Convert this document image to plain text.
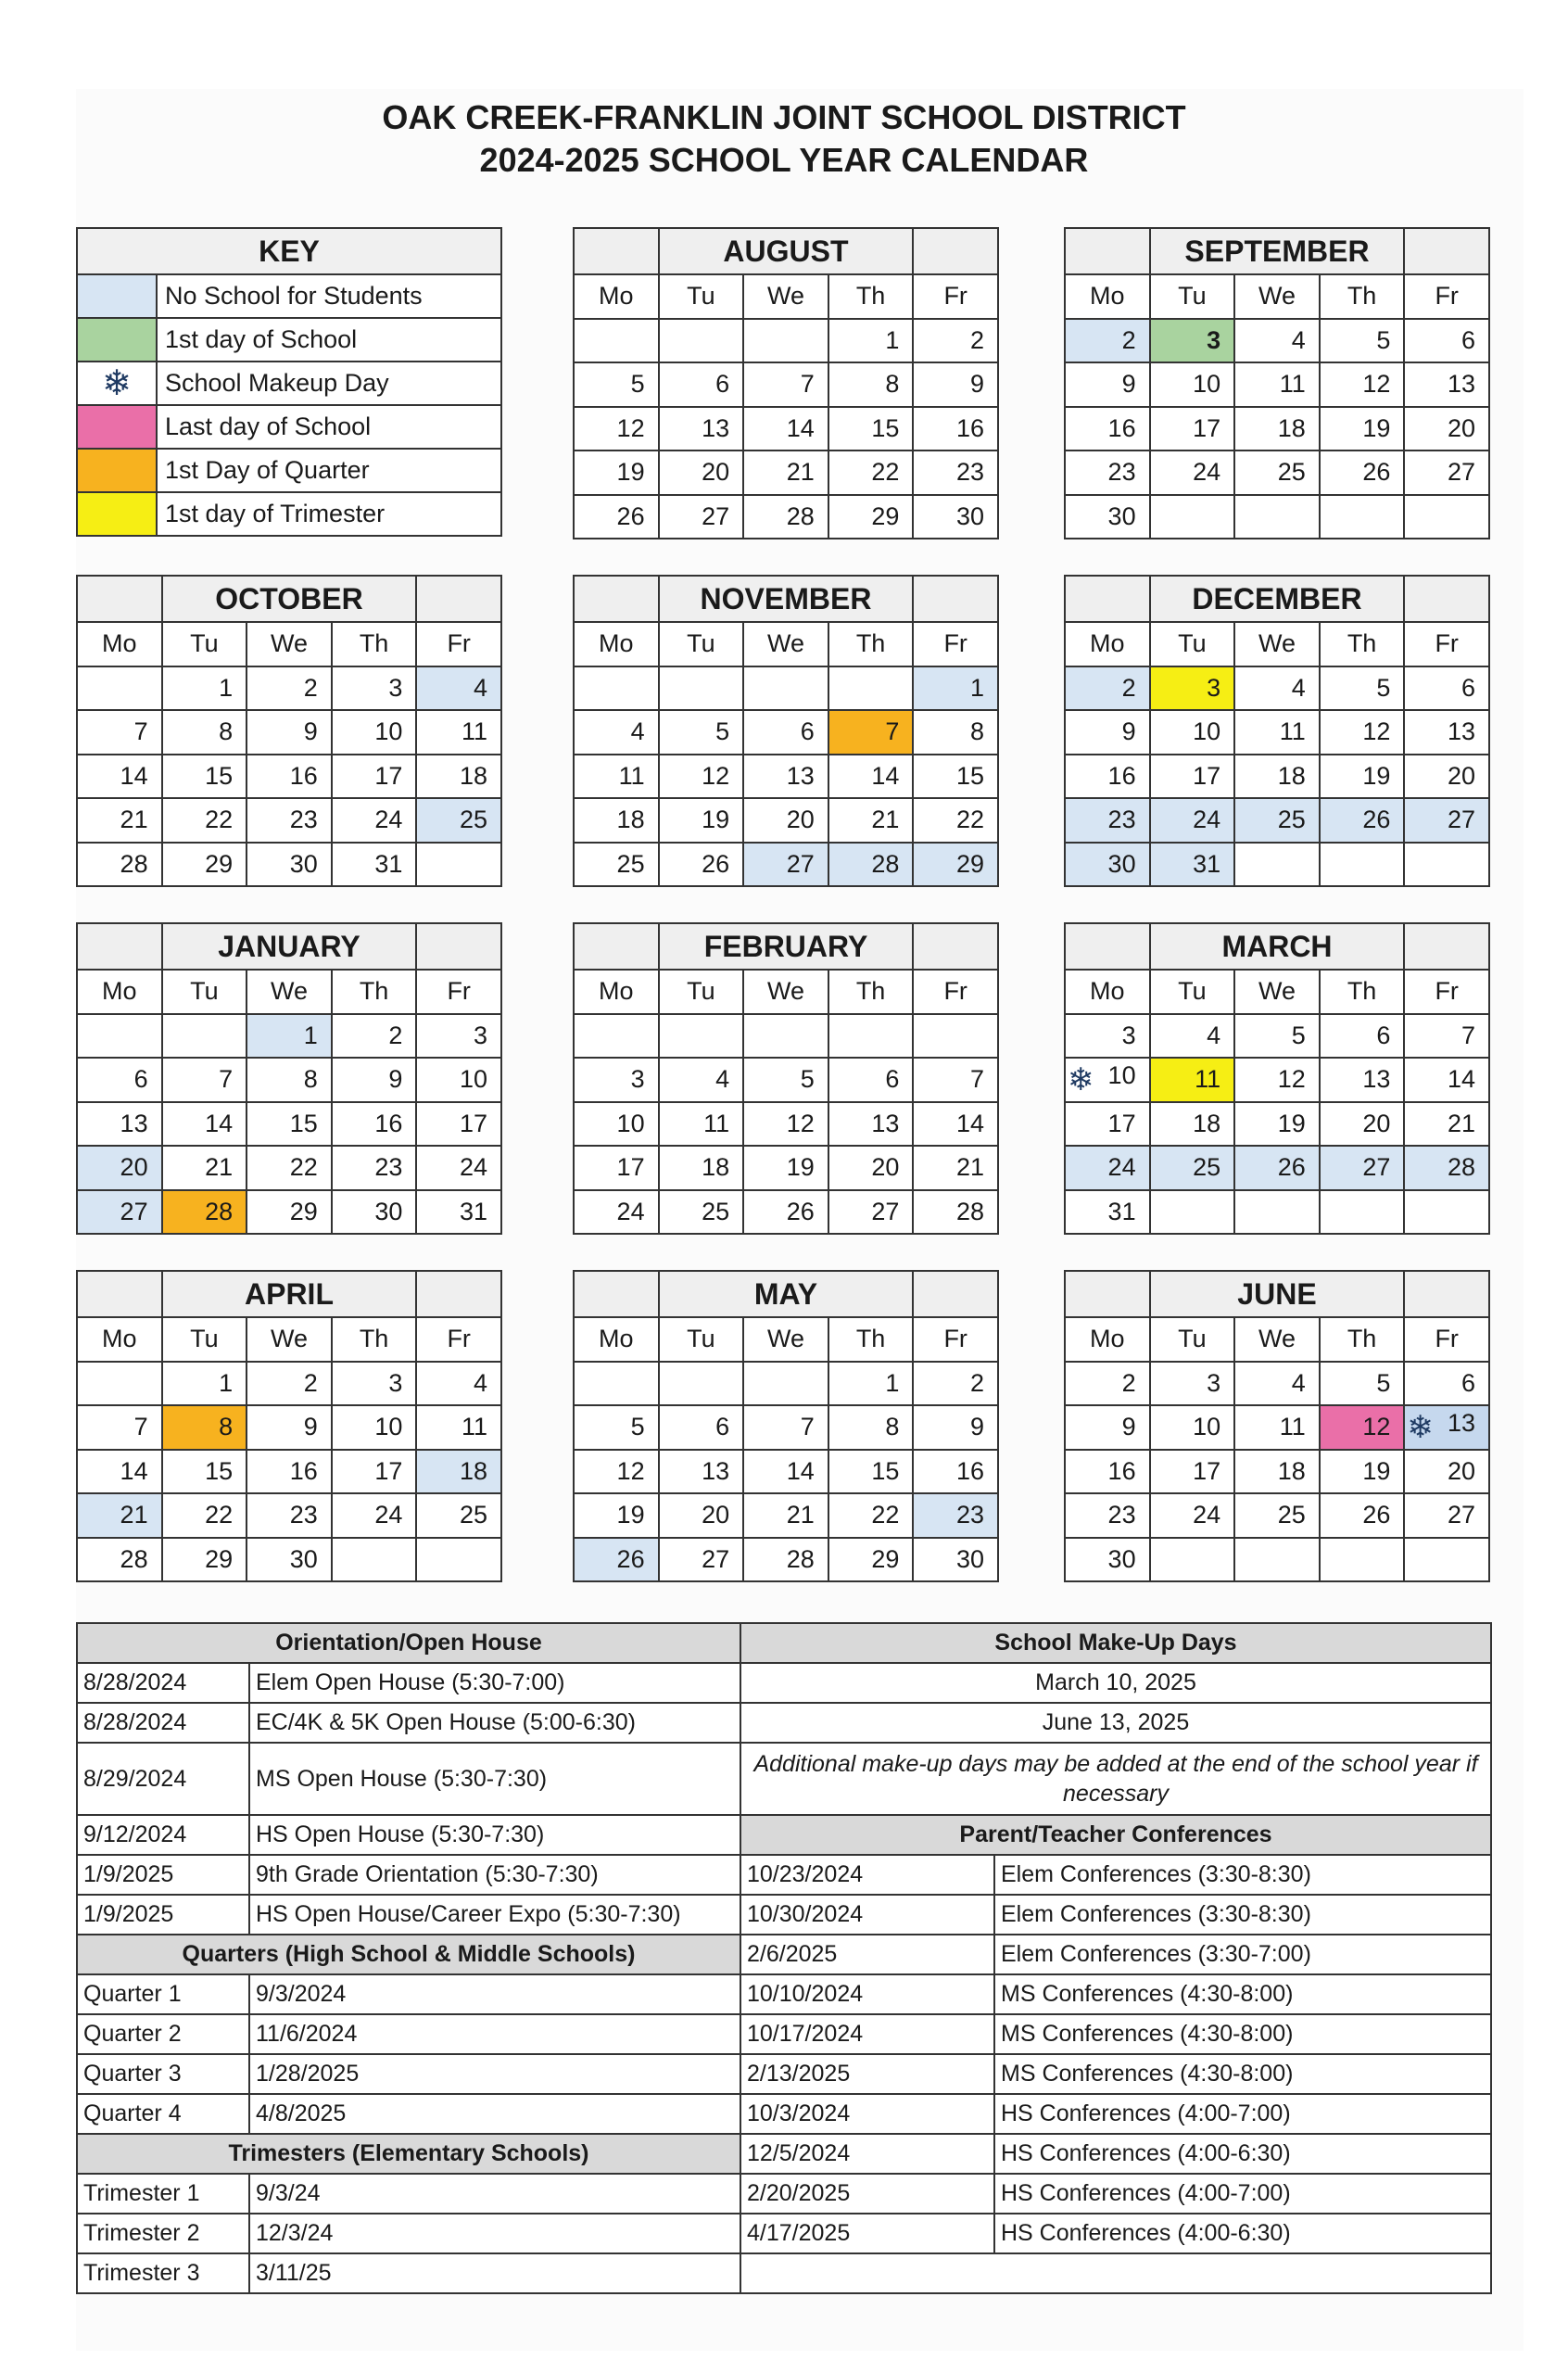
OAK CREEK-FRANKLIN JOINT SCHOOL DISTRICT
2024-2025 SCHOOL YEAR CALENDAR
KEY	
	No School for Students
	1st day of School
❄	School Makeup Day
	Last day of School
	1st Day of Quarter
	1st day of Trimester
	AUGUST			
Mo	Tu	We	Th	Fr
			1	2
5	6	7	8	9
12	13	14	15	16
19	20	21	22	23
26	27	28	29	30
	SEPTEMBER			
Mo	Tu	We	Th	Fr
2	3	4	5	6
9	10	11	12	13
16	17	18	19	20
23	24	25	26	27
30				
	OCTOBER			
Mo	Tu	We	Th	Fr
	1	2	3	4
7	8	9	10	11
14	15	16	17	18
21	22	23	24	25
28	29	30	31	
	NOVEMBER			
Mo	Tu	We	Th	Fr
				1
4	5	6	7	8
11	12	13	14	15
18	19	20	21	22
25	26	27	28	29
	DECEMBER			
Mo	Tu	We	Th	Fr
2	3	4	5	6
9	10	11	12	13
16	17	18	19	20
23	24	25	26	27
30	31			
	JANUARY			
Mo	Tu	We	Th	Fr
		1	2	3
6	7	8	9	10
13	14	15	16	17
20	21	22	23	24
27	28	29	30	31
	FEBRUARY			
Mo	Tu	We	Th	Fr

3	4	5	6	7
10	11	12	13	14
17	18	19	20	21
24	25	26	27	28
	MARCH			
Mo	Tu	We	Th	Fr
3	4	5	6	7

❄ 10	11	12	13	14
17	18	19	20	21
24	25	26	27	28
31				
	APRIL			
Mo	Tu	We	Th	Fr
	1	2	3	4
7	8	9	10	11
14	15	16	17	18
21	22	23	24	25
28	29	30		
	MAY			
Mo	Tu	We	Th	Fr
			1	2
5	6	7	8	9
12	13	14	15	16
19	20	21	22	23
26	27	28	29	30
	JUNE			
Mo	Tu	We	Th	Fr
2	3	4	5	6
9	10	11	12	❄ 13
16	17	18	19	20
23	24	25	26	27
30				
Orientation/Open House		School Make-Up Days	
8/28/2024	Elem Open House (5:30-7:00)	March 10, 2025	
8/28/2024	EC/4K & 5K Open House (5:00-6:30)	June 13, 2025	
8/29/2024	MS Open House (5:30-7:30)	Additional make-up days may be added at the end of the school year if necessary	
9/12/2024	HS Open House (5:30-7:30)	Parent/Teacher Conferences	
1/9/2025	9th Grade Orientation (5:30-7:30)	10/23/2024	Elem Conferences (3:30-8:30)
1/9/2025	HS Open House/Career Expo (5:30-7:30)	10/30/2024	Elem Conferences (3:30-8:30)
Quarters (High School & Middle Schools)		2/6/2025	Elem Conferences (3:30-7:00)
Quarter 1	9/3/2024	10/10/2024	MS Conferences (4:30-8:00)
Quarter 2	11/6/2024	10/17/2024	MS Conferences (4:30-8:00)
Quarter 3	1/28/2025	2/13/2025	MS Conferences (4:30-8:00)
Quarter 4	4/8/2025	10/3/2024	HS Conferences (4:00-7:00)
Trimesters (Elementary Schools)		12/5/2024	HS Conferences (4:00-6:30)
Trimester 1	9/3/24	2/20/2025	HS Conferences (4:00-7:00)
Trimester 2	12/3/24	4/17/2025	HS Conferences (4:00-6:30)
Trimester 3	3/11/25		
